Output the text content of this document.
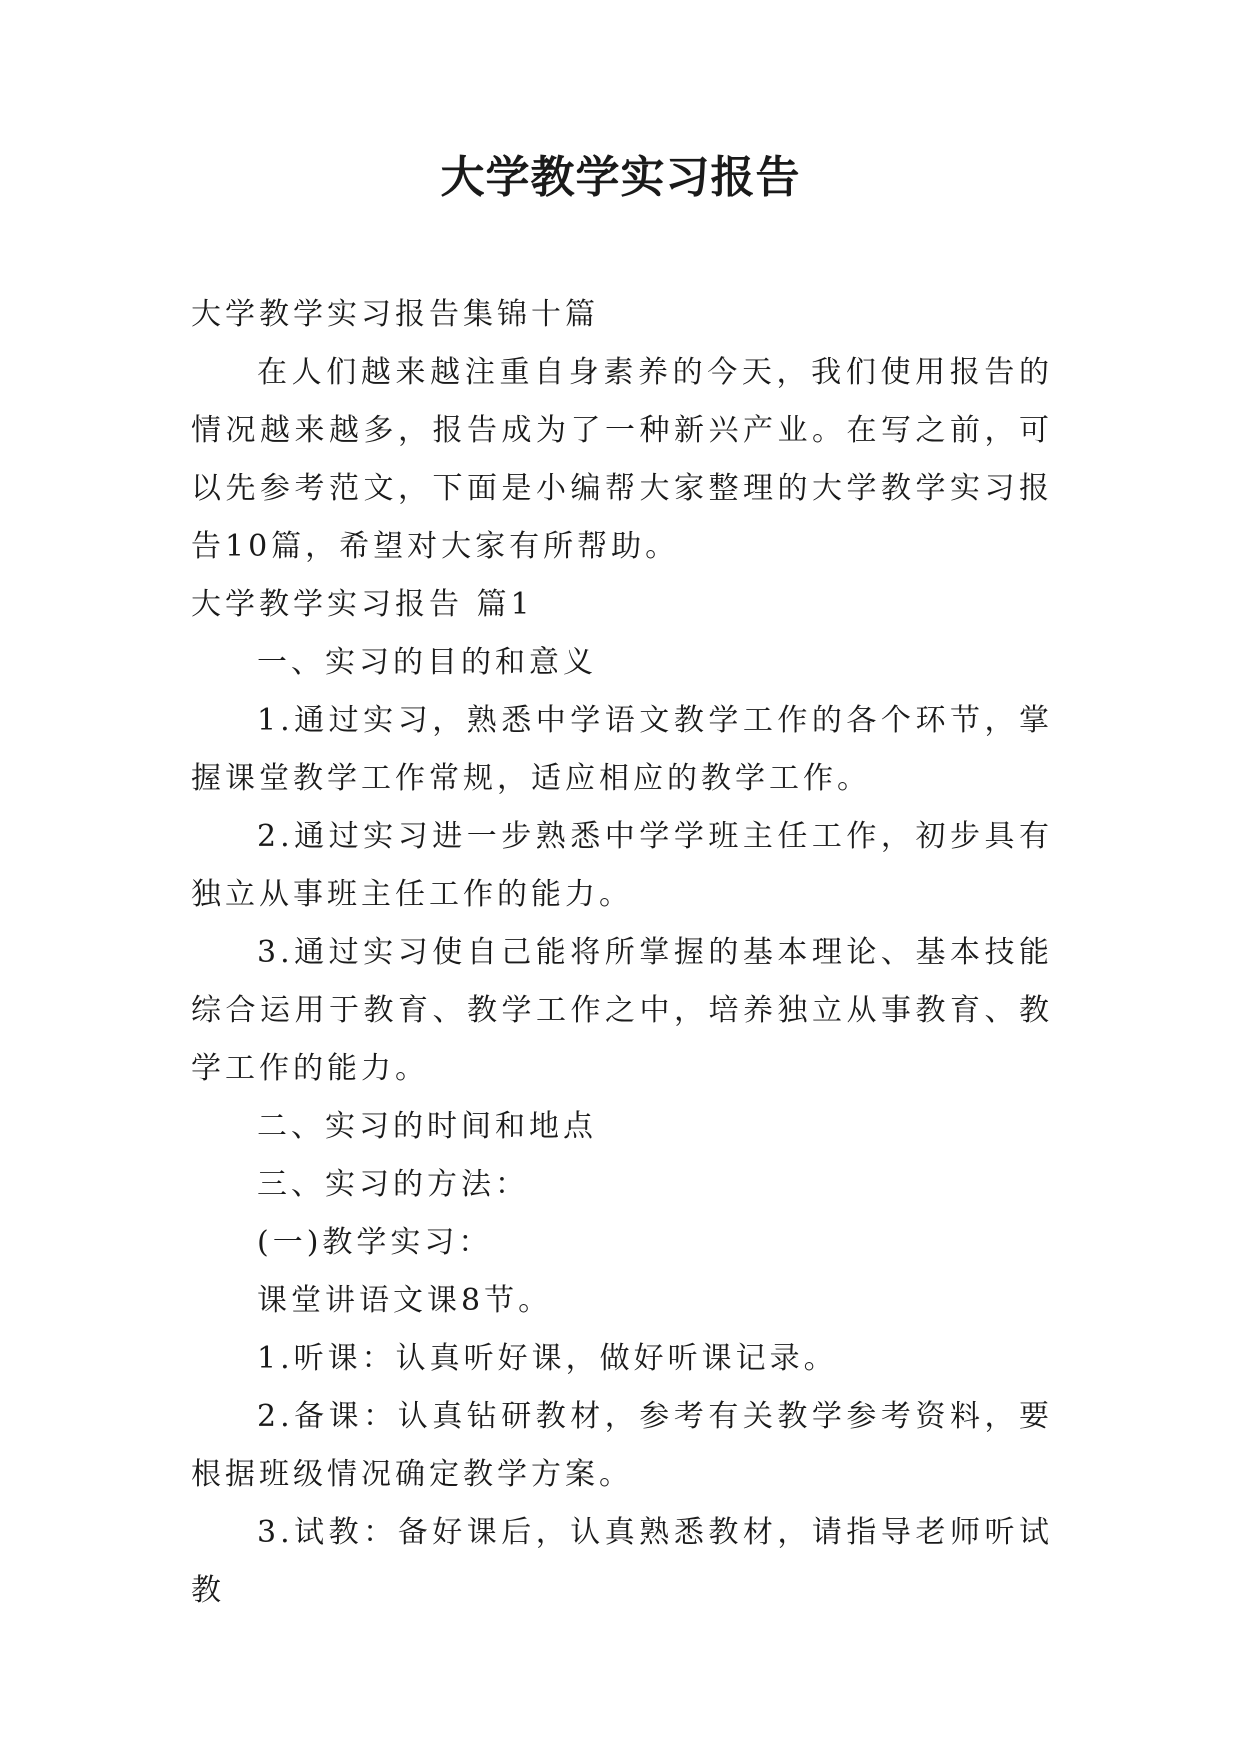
大学教学实习报告

大学教学实习报告集锦十篇

在人们越来越注重自身素养的今天，我们使用报告的情况越来越多，报告成为了一种新兴产业。在写之前，可以先参考范文，下面是小编帮大家整理的大学教学实习报告10篇，希望对大家有所帮助。

大学教学实习报告 篇1

一、实习的目的和意义

1.通过实习，熟悉中学语文教学工作的各个环节，掌握课堂教学工作常规，适应相应的教学工作。

2.通过实习进一步熟悉中学学班主任工作，初步具有独立从事班主任工作的能力。

3.通过实习使自己能将所掌握的基本理论、基本技能综合运用于教育、教学工作之中，培养独立从事教育、教学工作的能力。

二、实习的时间和地点

三、实习的方法：

(一)教学实习：

课堂讲语文课8节。

1.听课：认真听好课，做好听课记录。

2.备课：认真钻研教材，参考有关教学参考资料，要根据班级情况确定教学方案。

3.试教：备好课后，认真熟悉教材，请指导老师听试教
